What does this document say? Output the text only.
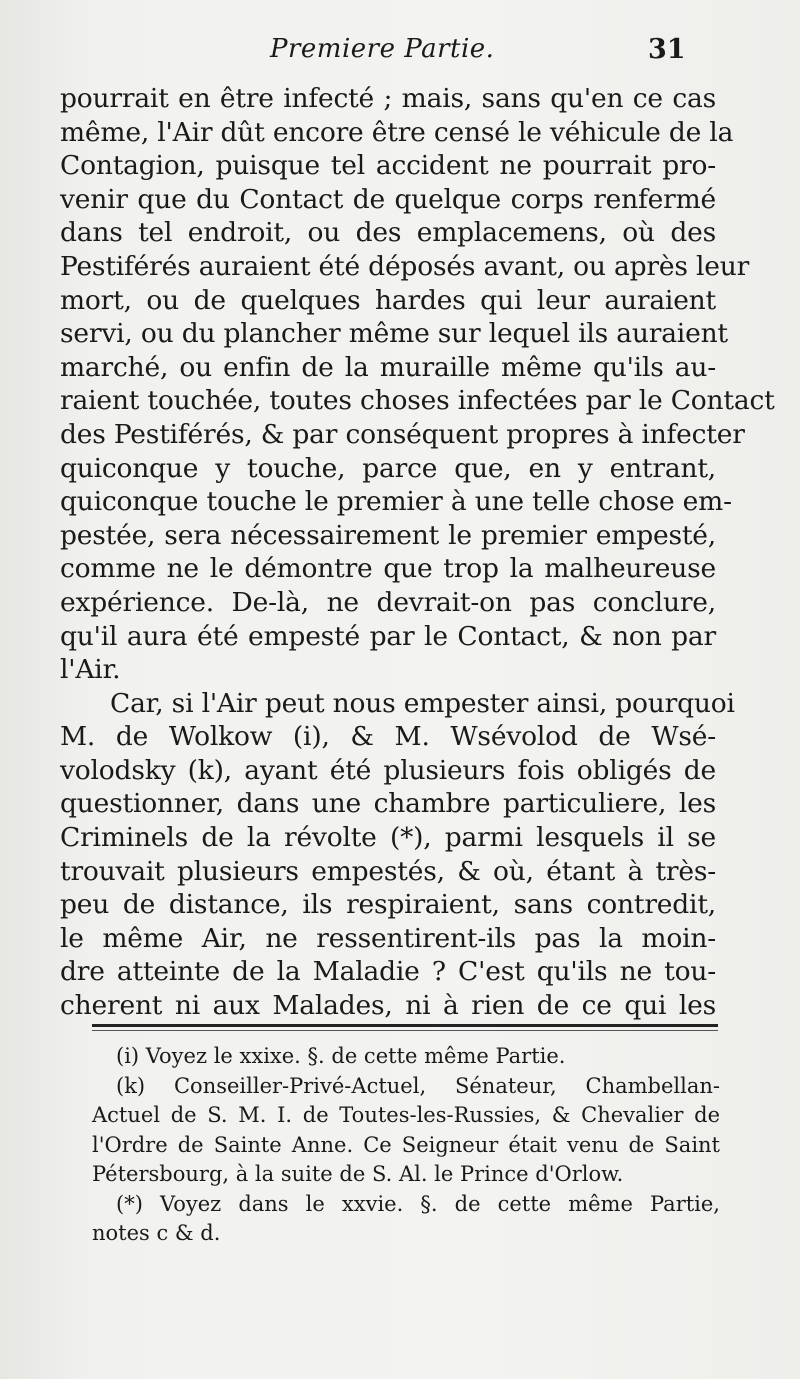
Premiere Partie.	31
pourrait en être infecté ; mais, sans qu'en ce cas
même, l'Air dût encore être censé le véhicule de la
Contagion, puisque tel accident ne pourrait pro-
venir que du Contact de quelque corps renfermé
dans tel endroit, ou des emplacemens, où des
Pestiférés auraient été déposés avant, ou après leur
mort, ou de quelques hardes qui leur auraient
servi, ou du plancher même sur lequel ils auraient
marché, ou enfin de la muraille même qu'ils au-
raient touchée, toutes choses infectées par le Contact
des Pestiférés, & par conséquent propres à infecter
quiconque y touche, parce que, en y entrant,
quiconque touche le premier à une telle chose em-
pestée, sera nécessairement le premier empesté,
comme ne le démontre que trop la malheureuse
expérience. De-là, ne devrait-on pas conclure,
qu'il aura été empesté par le Contact, & non par
l'Air.
Car, si l'Air peut nous empester ainsi, pourquoi
M. de Wolkow (i), & M. Wsévolod de Wsé-
volodsky (k), ayant été plusieurs fois obligés de
questionner, dans une chambre particuliere, les
Criminels de la révolte (*), parmi lesquels il se
trouvait plusieurs empestés, & où, étant à très-
peu de distance, ils respiraient, sans contredit,
le même Air, ne ressentirent-ils pas la moin-
dre atteinte de la Maladie ? C'est qu'ils ne tou-
cherent ni aux Malades, ni à rien de ce qui les
(i) Voyez le xxixe. §. de cette même Partie.
(k) Conseiller-Privé-Actuel, Sénateur, Chambellan-
Actuel de S. M. I. de Toutes-les-Russies, & Chevalier de
l'Ordre de Sainte Anne. Ce Seigneur était venu de Saint
Pétersbourg, à la suite de S. Al. le Prince d'Orlow.
(*) Voyez dans le xxvie. §. de cette même Partie,
notes c & d.
